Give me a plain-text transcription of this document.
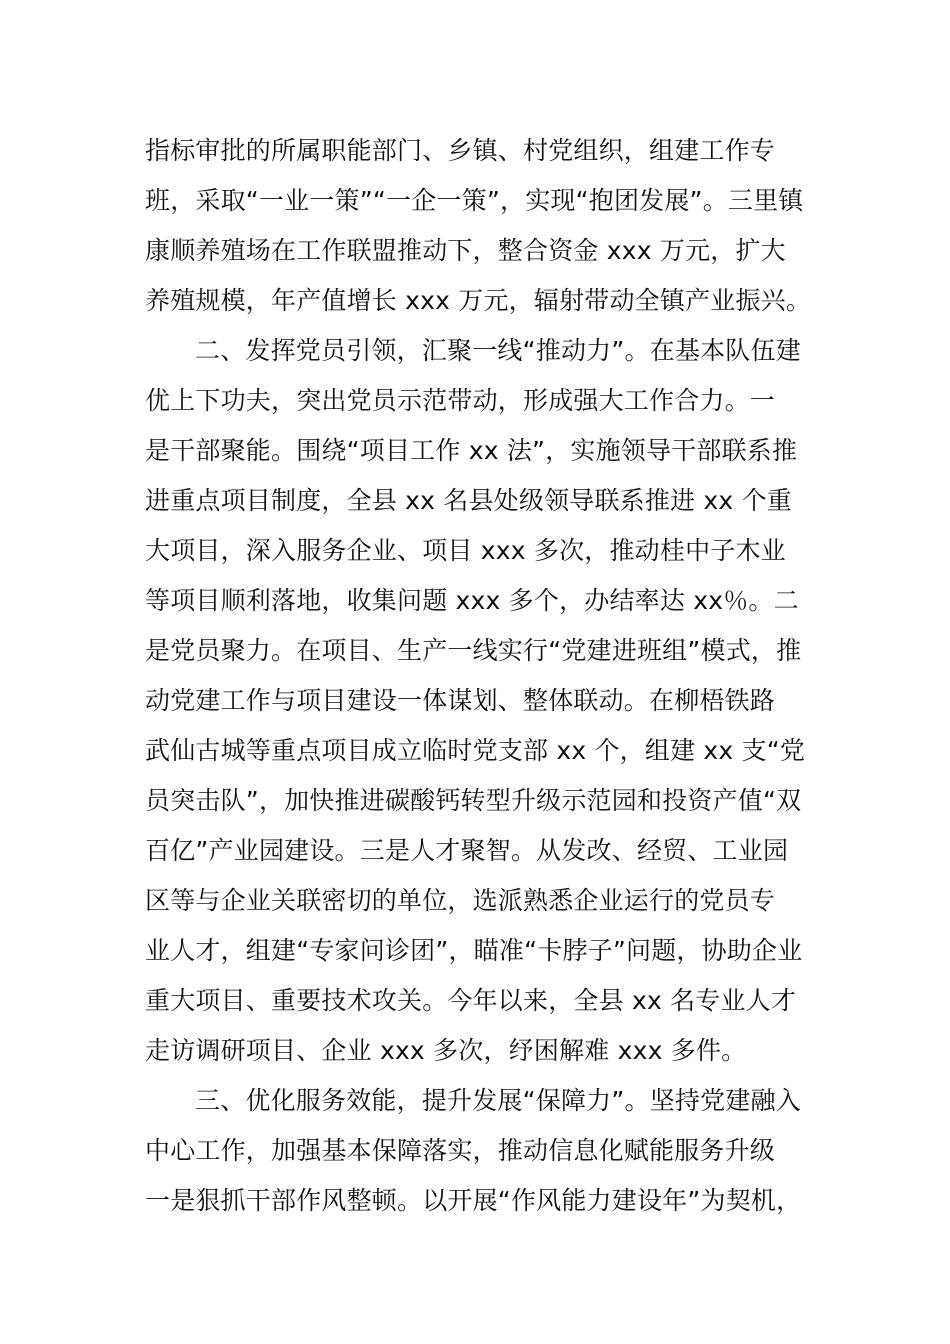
指标审批的所属职能部门、乡镇、村党组织，组建工作专
班，采取“一业一策”“一企一策”，实现“抱团发展”。三里镇
康顺养殖场在工作联盟推动下，整合资金 xxx 万元，扩大
养殖规模，年产值增长 xxx 万元，辐射带动全镇产业振兴。
二、发挥党员引领，汇聚一线“推动力”。在基本队伍建
优上下功夫，突出党员示范带动，形成强大工作合力。一
是干部聚能。围绕“项目工作 xx 法”，实施领导干部联系推
进重点项目制度，全县 xx 名县处级领导联系推进 xx 个重
大项目，深入服务企业、项目 xxx 多次，推动桂中子木业
等项目顺利落地，收集问题 xxx 多个，办结率达 xx％。二
是党员聚力。在项目、生产一线实行“党建进班组”模式，推
动党建工作与项目建设一体谋划、整体联动。在柳梧铁路
武仙古城等重点项目成立临时党支部 xx 个，组建 xx 支“党
员突击队”，加快推进碳酸钙转型升级示范园和投资产值“双
百亿”产业园建设。三是人才聚智。从发改、经贸、工业园
区等与企业关联密切的单位，选派熟悉企业运行的党员专
业人才，组建“专家问诊团”，瞄准“卡脖子”问题，协助企业
重大项目、重要技术攻关。今年以来，全县 xx 名专业人才
走访调研项目、企业 xxx 多次，纾困解难 xxx 多件。
三、优化服务效能，提升发展“保障力”。坚持党建融入
中心工作，加强基本保障落实，推动信息化赋能服务升级
一是狠抓干部作风整顿。以开展“作风能力建设年”为契机，
